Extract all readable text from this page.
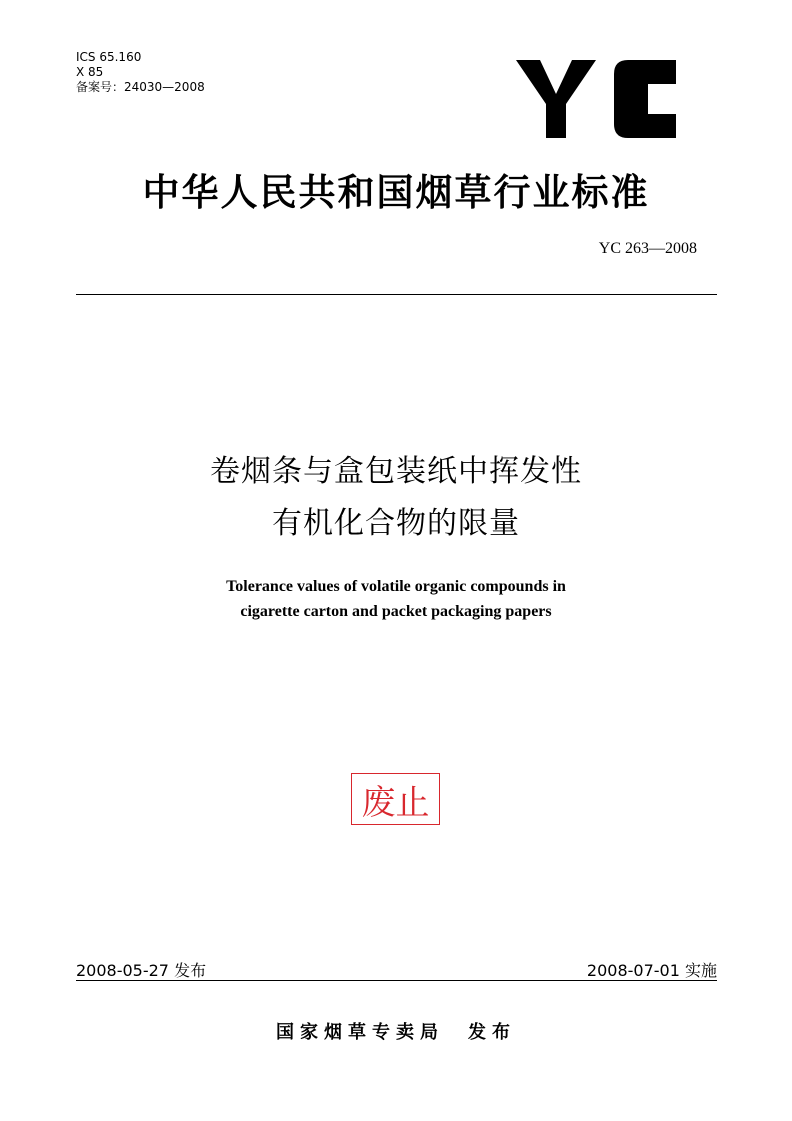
ICS 65.160
X 85
备案号：24030—2008
中华人民共和国烟草行业标准
YC 263—2008
卷烟条与盒包装纸中挥发性
有机化合物的限量
Tolerance values of volatile organic compounds in
cigarette carton and packet packaging papers
废止
2008-05-27 发布	2008-07-01 实施
国家烟草专卖局　发布
